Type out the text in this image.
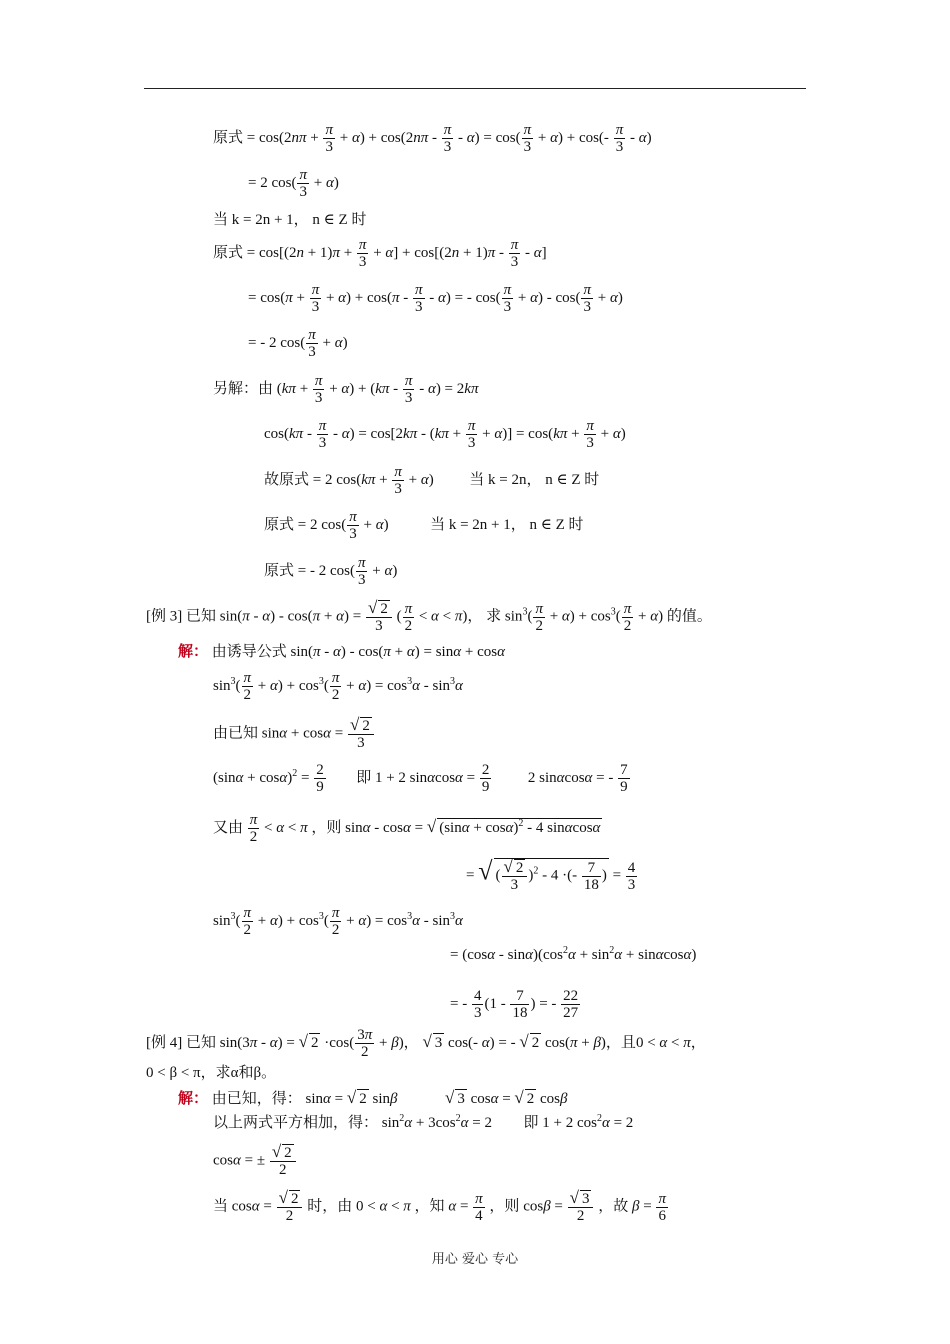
原式 = $\cos(2n\pi + \frac{\pi}{3} + \alpha) + \cos(2n\pi - \frac{\pi}{3} - \alpha) = \cos( \frac{\pi}{3} + \alpha) + \cos(- \frac{\pi}{3} - \alpha)$
= 2 $\cos( \frac{\pi}{3} + \alpha)$
当 k = 2n + 1， n ∈ Z 时
原式 = $\cos[(2n + 1)\pi + \frac{\pi}{3} + \alpha] + \cos[(2n + 1)\pi - \frac{\pi}{3} - \alpha]$
= $\cos(\pi + \frac{\pi}{3} + \alpha) + \cos(\pi - \frac{\pi}{3} - \alpha)$ = - $\cos( \frac{\pi}{3} + \alpha) - \cos( \frac{\pi}{3} + \alpha)$
= - 2 $\cos( \frac{\pi}{3} + \alpha)$
另解：由 $(k\pi + \frac{\pi}{3} + \alpha) + (k\pi - \frac{\pi}{3} - \alpha) = 2k\pi$
$\cos(k\pi - \frac{\pi}{3} - \alpha) = \cos[2k\pi - (k\pi + \frac{\pi}{3} + \alpha)] = \cos(k\pi + \frac{\pi}{3} + \alpha)$
故原式 = 2 $\cos(k\pi + \frac{\pi}{3} + \alpha)$  当 k = 2n， n ∈ Z 时
原式 = 2 $\cos( \frac{\pi}{3} + \alpha)$	当 k = 2n + 1， n ∈ Z 时
原式 = - 2 $\cos( \frac{\pi}{3} + \alpha)$
[例 3] 已知 $\sin(\pi - \alpha) - \cos(\pi + \alpha) = \frac{√ 2}{3}$ ( $\frac{\pi}{2} < \alpha < \pi$)， 求 $\sin^3( \frac{\pi}{2} + \alpha) + \cos^3( \frac{\pi}{2} + \alpha)$ 的值。
解： 由诱导公式 sin(π - α) - cos(π + α) = sinα + cosα
$\sin^3( \frac{\pi}{2} + \alpha) + \cos^3( \frac{\pi}{2} + \alpha) = \cos^3\alpha - \sin^3\alpha$
由已知 $\sin\alpha + \cos\alpha = \frac{√ 2}{3}$
$(\sin\alpha + \cos\alpha)^2 = \frac{2}{9}$ 即 1 + 2 $\sin\alpha\cos\alpha = \frac{2}{9} 2$ sinαcosα = - $\frac{7}{9}$
又由 $\frac{\pi}{2} < \alpha < \pi$ ，则 sinα - cosα = √ $(\sin\alpha + \cos\alpha)^2 - 4$ sinαcosα
= √ ( $\frac{√ 2}{3} )^2 - 4$ ·(- $\frac{7}{18}$ ) = $\frac{4}{3}$
$\sin^3( \frac{\pi}{2} + \alpha) + \cos^3( \frac{\pi}{2} + \alpha) = \cos^3\alpha - \sin^3\alpha$
= $(\cos\alpha - \sin\alpha)(\cos^2\alpha + \sin^2\alpha + \sin\alpha\cos\alpha)$
= - $\frac{4}{3} (1 - \frac{7}{18}$ ) = - $\frac{22}{27}$
[例 4] 已知 sin(3π - α) = √ $2 \cdot\cos( \frac{3\pi}{2} + \beta)$， √ 3 cos(- α) = - √ 2 cos(π + β)，且0 < α < π，
0 < β < π，求α和β。
解： 由已知，得： sinα = √ 2 sinβ	√ 3 cosα = √ 2 cosβ
以上两式平方相加，得： $\sin^2\alpha + 3\cos^2\alpha = 2$  即 1 + 2 $\cos^2\alpha = 2$
cosα = ± $\frac{√ 2}{2}$
当 $\cos\alpha = \frac{√ 2}{2}$ 时，由 0 < α < π ，知 $\alpha = \frac{\pi}{4}$ ，则 $\cos\beta = \frac{√ 3}{2}$ ，故 $\beta = \frac{\pi}{6}$
用心 爱心 专心
